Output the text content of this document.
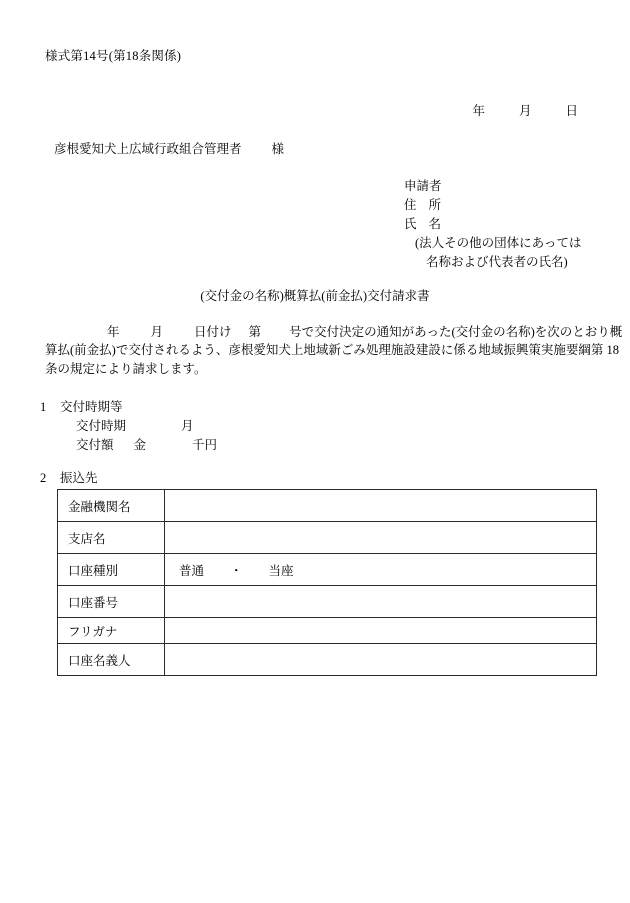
様式第14号(第18条関係)
年	月	日
彦根愛知犬上広域行政組合管理者 様
申請者
住 所
氏 名
(法人その他の団体にあっては
名称および代表者の氏名)
(交付金の名称)概算払(前金払)交付請求書
年 月 日付け 第 号で交付決定の通知があった(交付金の名称)を次のとおり概
算払(前金払)で交付されるよう、彦根愛知犬上地域新ごみ処理施設建設に係る地域振興策実施要綱第 18
条の規定により請求します。
1 交付時期等
交付時期	月
交付額 金	千円
2 振込先
金融機関名	
支店名	
口座種別	普通 ・ 当座
口座番号	
フリガナ	
口座名義人	
